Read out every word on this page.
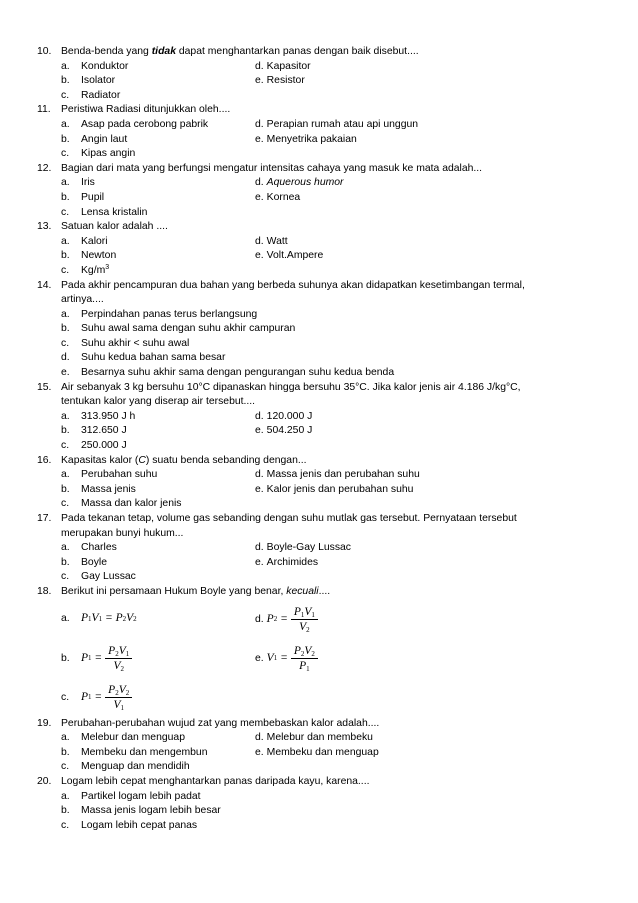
10. Benda-benda yang tidak dapat menghantarkan panas dengan baik disebut....
a. Konduktor	d. Kapasitor
b. Isolator	e. Resistor
c. Radiator
11. Peristiwa Radiasi ditunjukkan oleh....
a. Asap pada cerobong pabrik	d. Perapian rumah atau api unggun
b. Angin laut	e. Menyetrika pakaian
c. Kipas angin
12. Bagian dari mata yang berfungsi mengatur intensitas cahaya yang masuk ke mata adalah...
a. Iris	d. Aquerous humor
b. Pupil	e. Kornea
c. Lensa kristalin
13. Satuan kalor adalah ....
a. Kalori	d. Watt
b. Newton	e. Volt.Ampere
c. $Kg/m^3$
14. Pada akhir pencampuran dua bahan yang berbeda suhunya akan didapatkan kesetimbangan termal, artinya....
a. Perpindahan panas terus berlangsung
b. Suhu awal sama dengan suhu akhir campuran
c. Suhu akhir < suhu awal
d. Suhu kedua bahan sama besar
e. Besarnya suhu akhir sama dengan pengurangan suhu kedua benda
15. Air sebanyak 3 kg bersuhu 10°C dipanaskan hingga bersuhu 35°C. Jika kalor jenis air 4.186 J/kg°C, tentukan kalor yang diserap air tersebut....
a. 313.950 J h	d. 120.000 J
b. 312.650 J	e. 504.250 J
c. 250.000 J
16. Kapasitas kalor (C) suatu benda sebanding dengan...
a. Perubahan suhu	d. Massa jenis dan perubahan suhu
b. Massa jenis	e. Kalor jenis dan perubahan suhu
c. Massa dan kalor jenis
17. Pada tekanan tetap, volume gas sebanding dengan suhu mutlak gas tersebut. Pernyataan tersebut merupakan bunyi hukum...
a. Charles	d. Boyle-Gay Lussac
b. Boyle	e. Archimides
c. Gay Lussac
18. Berikut ini persamaan Hukum Boyle yang benar, kecuali....
a. P 1 V 1 = P 2 V 2	d. P $2 = \frac{P_1V_1}{V_2}$
b. P $1 = \frac{P_2V_1}{V_2}$	e. V $1 = \frac{P_2V_2}{P_1}$
c. P $1 = \frac{P_2V_2}{V_1}$
19. Perubahan-perubahan wujud zat yang membebaskan kalor adalah....
a. Melebur dan menguap	d. Melebur dan membeku
b. Membeku dan mengembun	e. Membeku dan menguap
c. Menguap dan mendidih
20. Logam lebih cepat menghantarkan panas daripada kayu, karena....
a. Partikel logam lebih padat
b. Massa jenis logam lebih besar
c. Logam lebih cepat panas
